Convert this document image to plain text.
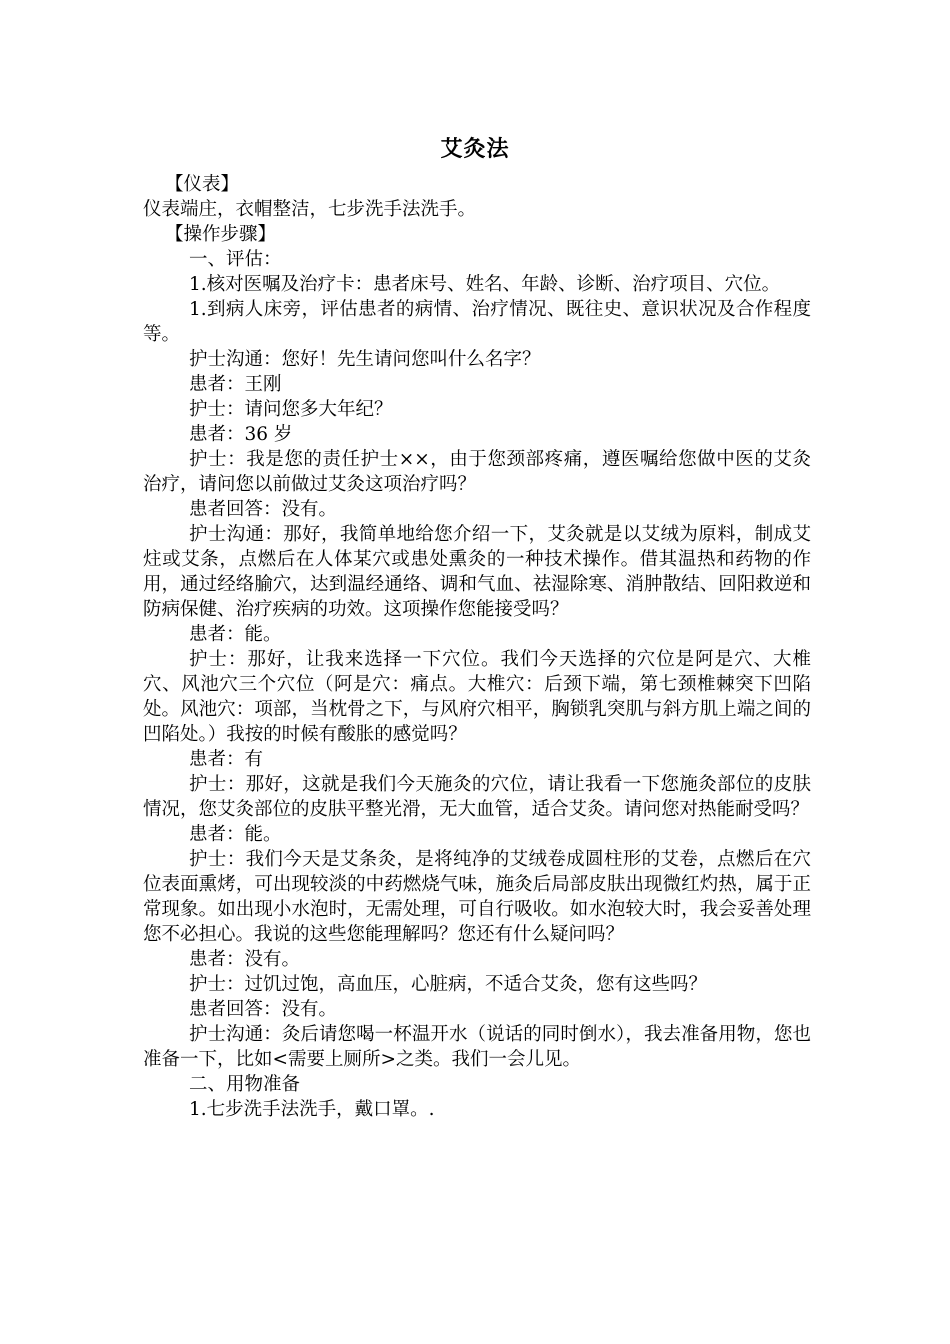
艾灸法

【仪表】

仪表端庄，衣帽整洁，七步洗手法洗手。

【操作步骤】

一、评估：

1.核对医嘱及治疗卡：患者床号、姓名、年龄、诊断、治疗项目、穴位。

1.到病人床旁，评估患者的病情、治疗情况、既往史、意识状况及合作程度等。

护士沟通：您好！先生请问您叫什么名字？

患者：王刚

护士：请问您多大年纪？

患者：36 岁

护士：我是您的责任护士××，由于您颈部疼痛，遵医嘱给您做中医的艾灸治疗，请问您以前做过艾灸这项治疗吗？

患者回答：没有。

护士沟通：那好，我简单地给您介绍一下，艾灸就是以艾绒为原料，制成艾炷或艾条，点燃后在人体某穴或患处熏灸的一种技术操作。借其温热和药物的作用，通过经络腧穴，达到温经通络、调和气血、祛湿除寒、消肿散结、回阳救逆和防病保健、治疗疾病的功效。这项操作您能接受吗？

患者：能。

护士：那好，让我来选择一下穴位。我们今天选择的穴位是阿是穴、大椎穴、风池穴三个穴位（阿是穴：痛点。大椎穴：后颈下端，第七颈椎棘突下凹陷处。风池穴：项部，当枕骨之下，与风府穴相平，胸锁乳突肌与斜方肌上端之间的凹陷处。）我按的时候有酸胀的感觉吗？

患者：有

护士：那好，这就是我们今天施灸的穴位，请让我看一下您施灸部位的皮肤情况，您艾灸部位的皮肤平整光滑，无大血管，适合艾灸。请问您对热能耐受吗？

患者：能。

护士：我们今天是艾条灸，是将纯净的艾绒卷成圆柱形的艾卷，点燃后在穴位表面熏烤，可出现较淡的中药燃烧气味，施灸后局部皮肤出现微红灼热，属于正常现象。如出现小水泡时，无需处理，可自行吸收。如水泡较大时，我会妥善处理您不必担心。我说的这些您能理解吗？您还有什么疑问吗？

患者：没有。

护士：过饥过饱，高血压，心脏病，不适合艾灸，您有这些吗？

患者回答：没有。

护士沟通：灸后请您喝一杯温开水（说话的同时倒水），我去准备用物，您也准备一下，比如<需要上厕所>之类。我们一会儿见。

二、用物准备

1.七步洗手法洗手，戴口罩。.
